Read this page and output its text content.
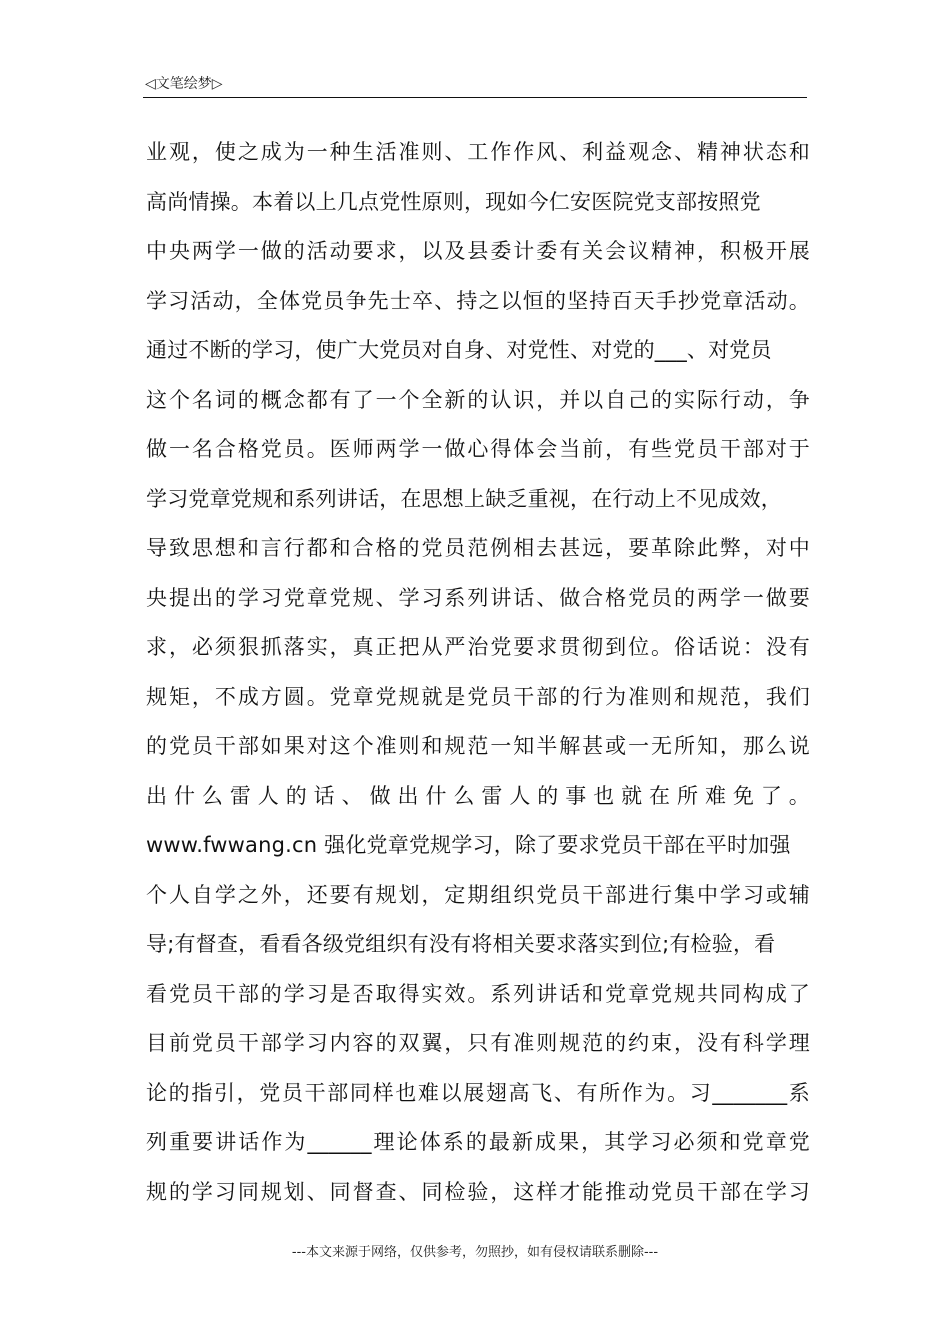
◁文笔绘梦▷
业观，使之成为一种生活准则、工作作风、利益观念、精神状态和
高尚情操。本着以上几点党性原则，现如今仁安医院党支部按照党
中央两学一做的活动要求，以及县委计委有关会议精神，积极开展
学习活动，全体党员争先士卒、持之以恒的坚持百天手抄党章活动。
通过不断的学习，使广大党员对自身、对党性、对党的___、对党员
这个名词的概念都有了一个全新的认识，并以自己的实际行动，争
做一名合格党员。医师两学一做心得体会当前，有些党员干部对于
学习党章党规和系列讲话，在思想上缺乏重视，在行动上不见成效，
导致思想和言行都和合格的党员范例相去甚远，要革除此弊，对中
央提出的学习党章党规、学习系列讲话、做合格党员的两学一做要
求，必须狠抓落实，真正把从严治党要求贯彻到位。俗话说：没有
规矩，不成方圆。党章党规就是党员干部的行为准则和规范，我们
的党员干部如果对这个准则和规范一知半解甚或一无所知，那么说
出什么雷人的话、做出什么雷人的事也就在所难免了。
www.fwwang.cn 强化党章党规学习，除了要求党员干部在平时加强
个人自学之外，还要有规划，定期组织党员干部进行集中学习或辅
导;有督查，看看各级党组织有没有将相关要求落实到位;有检验，看
看党员干部的学习是否取得实效。系列讲话和党章党规共同构成了
目前党员干部学习内容的双翼，只有准则规范的约束，没有科学理
论的指引，党员干部同样也难以展翅高飞、有所作为。习_______系
列重要讲话作为______理论体系的最新成果，其学习必须和党章党
规的学习同规划、同督查、同检验，这样才能推动党员干部在学习
---本文来源于网络，仅供参考，勿照抄，如有侵权请联系删除---
